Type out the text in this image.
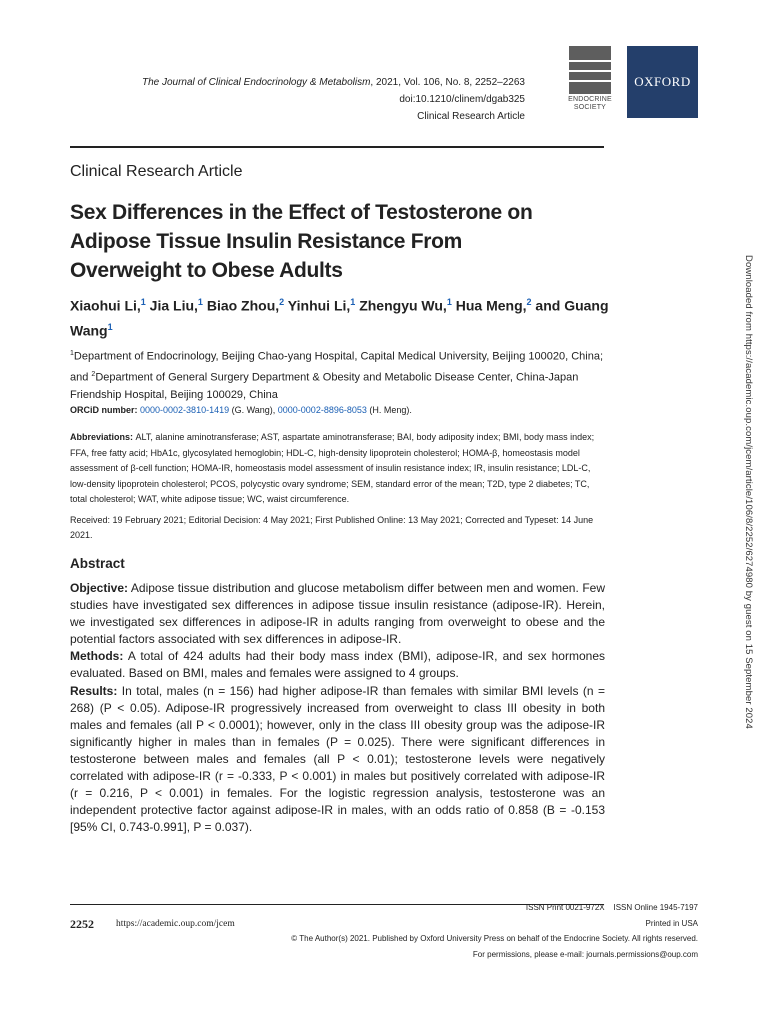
The Journal of Clinical Endocrinology & Metabolism, 2021, Vol. 106, No. 8, 2252–2263
doi:10.1210/clinem/dgab325
Clinical Research Article
ENDOCRINE
SOCIETY
OXFORD
Clinical Research Article
Sex Differences in the Effect of Testosterone on Adipose Tissue Insulin Resistance From Overweight to Obese Adults
Xiaohui Li,$^1$ Jia Liu,$^1$ Biao Zhou,$^2$ Yinhui Li,$^1$ Zhengyu Wu,$^1$ Hua Meng,$^2$ and Guang Wang$^1$
$^1$Department of Endocrinology, Beijing Chao-yang Hospital, Capital Medical University, Beijing 100020, China; and $^2$Department of General Surgery Department & Obesity and Metabolic Disease Center, China-Japan Friendship Hospital, Beijing 100029, China
ORCiD number: 0000-0002-3810-1419 (G. Wang), 0000-0002-8896-8053 (H. Meng).
Abbreviations: ALT, alanine aminotransferase; AST, aspartate aminotransferase; BAI, body adiposity index; BMI, body mass index; FFA, free fatty acid; HbA1c, glycosylated hemoglobin; HDL-C, high-density lipoprotein cholesterol; HOMA-β, homeostasis model assessment of β-cell function; HOMA-IR, homeostasis model assessment of insulin resistance index; IR, insulin resistance; LDL-C, low-density lipoprotein cholesterol; PCOS, polycystic ovary syndrome; SEM, standard error of the mean; T2D, type 2 diabetes; TC, total cholesterol; WAT, white adipose tissue; WC, waist circumference.
Received: 19 February 2021; Editorial Decision: 4 May 2021; First Published Online: 13 May 2021; Corrected and Typeset: 14 June 2021.
Abstract

Objective: Adipose tissue distribution and glucose metabolism differ between men and women. Few studies have investigated sex differences in adipose tissue insulin resistance (adipose-IR). Herein, we investigated sex differences in adipose-IR in adults ranging from overweight to obese and the potential factors associated with sex differences in adipose-IR.

Methods: A total of 424 adults had their body mass index (BMI), adipose-IR, and sex hormones evaluated. Based on BMI, males and females were assigned to 4 groups.

Results: In total, males (n = 156) had higher adipose-IR than females with similar BMI levels (n = 268) (P < 0.05). Adipose-IR progressively increased from overweight to class III obesity in both males and females (all P < 0.0001); however, only in the class III obesity group was the adipose-IR significantly higher in males than in females (P = 0.025). There were significant differences in testosterone between males and females (all P < 0.01); testosterone levels were negatively correlated with adipose-IR (r = -0.333, P < 0.001) in males but positively correlated with adipose-IR (r = 0.216, P < 0.001) in females. For the logistic regression analysis, testosterone was an independent protective factor against adipose-IR in males, with an odds ratio of 0.858 (B = -0.153 [95% CI, 0.743-0.991], P = 0.037).

2252 https://academic.oup.com/jcem
ISSN Print 0021-972X    ISSN Online 1945-7197
Printed in USA
© The Author(s) 2021. Published by Oxford University Press on behalf of the Endocrine Society. All rights reserved.
For permissions, please e-mail: journals.permissions@oup.com
Downloaded from https://academic.oup.com/jcem/article/106/8/2252/6274980 by guest on 15 September 2024
